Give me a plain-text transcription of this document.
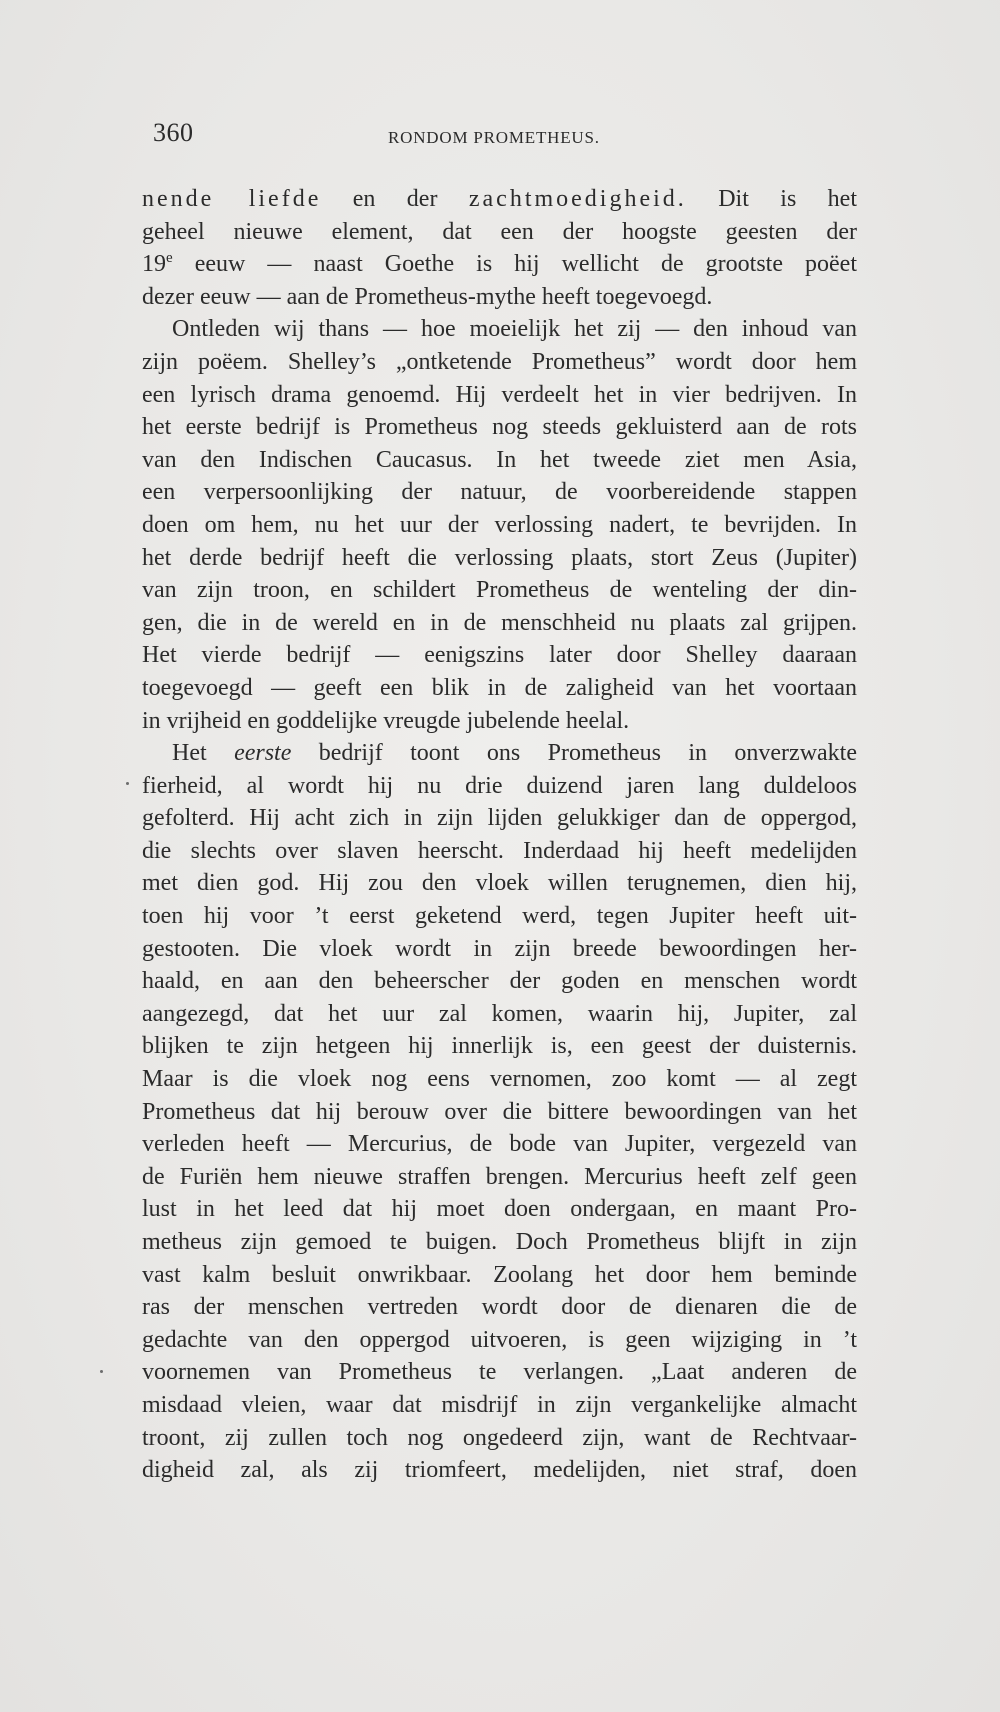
360	RONDOM PROMETHEUS.
nende liefde en der zachtmoedigheid. Dit is het
geheel nieuwe element, dat een der hoogste geesten der
19e eeuw — naast Goethe is hij wellicht de grootste poëet
dezer eeuw — aan de Prometheus-mythe heeft toegevoegd.
Ontleden wij thans — hoe moeielijk het zij — den inhoud van
zijn poëem. Shelley’s „ontketende Prometheus” wordt door hem
een lyrisch drama genoemd. Hij verdeelt het in vier bedrijven. In
het eerste bedrijf is Prometheus nog steeds gekluisterd aan de rots
van den Indischen Caucasus. In het tweede ziet men Asia,
een verpersoonlijking der natuur, de voorbereidende stappen
doen om hem, nu het uur der verlossing nadert, te bevrijden. In
het derde bedrijf heeft die verlossing plaats, stort Zeus (Jupiter)
van zijn troon, en schildert Prometheus de wenteling der din-
gen, die in de wereld en in de menschheid nu plaats zal grijpen.
Het vierde bedrijf — eenigszins later door Shelley daaraan
toegevoegd — geeft een blik in de zaligheid van het voortaan
in vrijheid en goddelijke vreugde jubelende heelal.
Het eerste bedrijf toont ons Prometheus in onverzwakte
fierheid, al wordt hij nu drie duizend jaren lang duldeloos
gefolterd. Hij acht zich in zijn lijden gelukkiger dan de oppergod,
die slechts over slaven heerscht. Inderdaad hij heeft medelijden
met dien god. Hij zou den vloek willen terugnemen, dien hij,
toen hij voor ’t eerst geketend werd, tegen Jupiter heeft uit-
gestooten. Die vloek wordt in zijn breede bewoordingen her-
haald, en aan den beheerscher der goden en menschen wordt
aangezegd, dat het uur zal komen, waarin hij, Jupiter, zal
blijken te zijn hetgeen hij innerlijk is, een geest der duisternis.
Maar is die vloek nog eens vernomen, zoo komt — al zegt
Prometheus dat hij berouw over die bittere bewoordingen van het
verleden heeft — Mercurius, de bode van Jupiter, vergezeld van
de Furiën hem nieuwe straffen brengen. Mercurius heeft zelf geen
lust in het leed dat hij moet doen ondergaan, en maant Pro-
metheus zijn gemoed te buigen. Doch Prometheus blijft in zijn
vast kalm besluit onwrikbaar. Zoolang het door hem beminde
ras der menschen vertreden wordt door de dienaren die de
gedachte van den oppergod uitvoeren, is geen wijziging in ’t
voornemen van Prometheus te verlangen. „Laat anderen de
misdaad vleien, waar dat misdrijf in zijn vergankelijke almacht
troont, zij zullen toch nog ongedeerd zijn, want de Rechtvaar-
digheid zal, als zij triomfeert, medelijden, niet straf, doen
